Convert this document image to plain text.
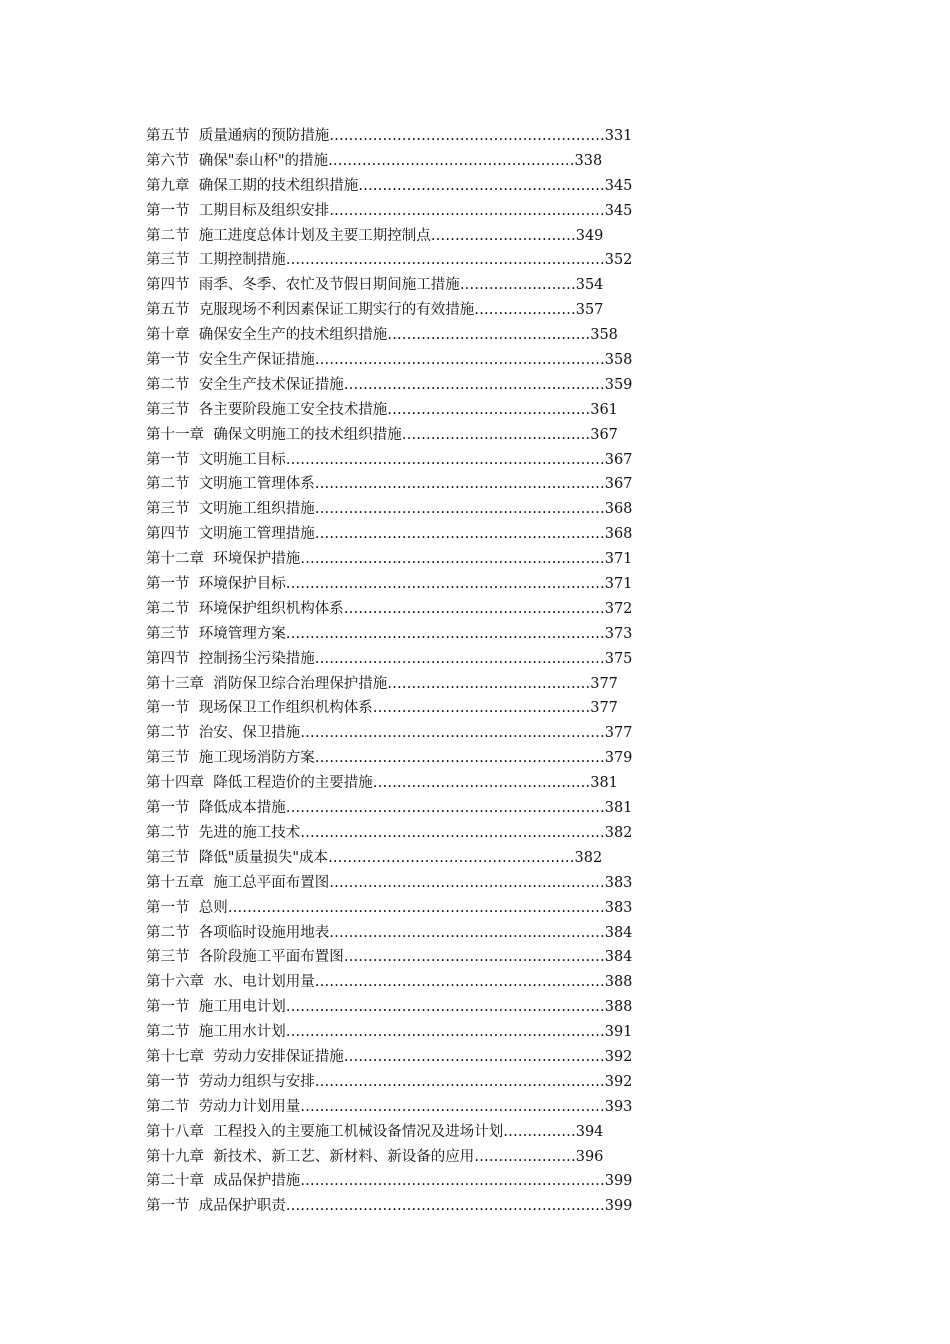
第五节  质量通病的预防措施…………………………………………………331
第六节  确保"泰山杯"的措施……………………………………………338
第九章  确保工期的技术组织措施……………………………………………345
第一节  工期目标及组织安排…………………………………………………345
第二节  施工进度总体计划及主要工期控制点…………………………349
第三节  工期控制措施…………………………………………………………352
第四节  雨季、冬季、农忙及节假日期间施工措施……………………354
第五节  克服现场不利因素保证工期实行的有效措施…………………357
第十章  确保安全生产的技术组织措施……………………………………358
第一节  安全生产保证措施……………………………………………………358
第二节  安全生产技术保证措施………………………………………………359
第三节  各主要阶段施工安全技术措施……………………………………361
第十一章  确保文明施工的技术组织措施…………………………………367
第一节  文明施工目标…………………………………………………………367
第二节  文明施工管理体系……………………………………………………367
第三节  文明施工组织措施……………………………………………………368
第四节  文明施工管理措施……………………………………………………368
第十二章  环境保护措施………………………………………………………371
第一节  环境保护目标…………………………………………………………371
第二节  环境保护组织机构体系………………………………………………372
第三节  环境管理方案…………………………………………………………373
第四节  控制扬尘污染措施……………………………………………………375
第十三章  消防保卫综合治理保护措施……………………………………377
第一节  现场保卫工作组织机构体系………………………………………377
第二节  治安、保卫措施………………………………………………………377
第三节  施工现场消防方案……………………………………………………379
第十四章  降低工程造价的主要措施………………………………………381
第一节  降低成本措施…………………………………………………………381
第二节  先进的施工技术………………………………………………………382
第三节  降低"质量损失"成本……………………………………………382
第十五章  施工总平面布置图…………………………………………………383
第一节  总则……………………………………………………………………383
第二节  各项临时设施用地表…………………………………………………384
第三节  各阶段施工平面布置图………………………………………………384
第十六章  水、电计划用量……………………………………………………388
第一节  施工用电计划…………………………………………………………388
第二节  施工用水计划…………………………………………………………391
第十七章  劳动力安排保证措施………………………………………………392
第一节  劳动力组织与安排……………………………………………………392
第二节  劳动力计划用量………………………………………………………393
第十八章  工程投入的主要施工机械设备情况及进场计划……………394
第十九章  新技术、新工艺、新材料、新设备的应用…………………396
第二十章  成品保护措施………………………………………………………399
第一节  成品保护职责…………………………………………………………399
